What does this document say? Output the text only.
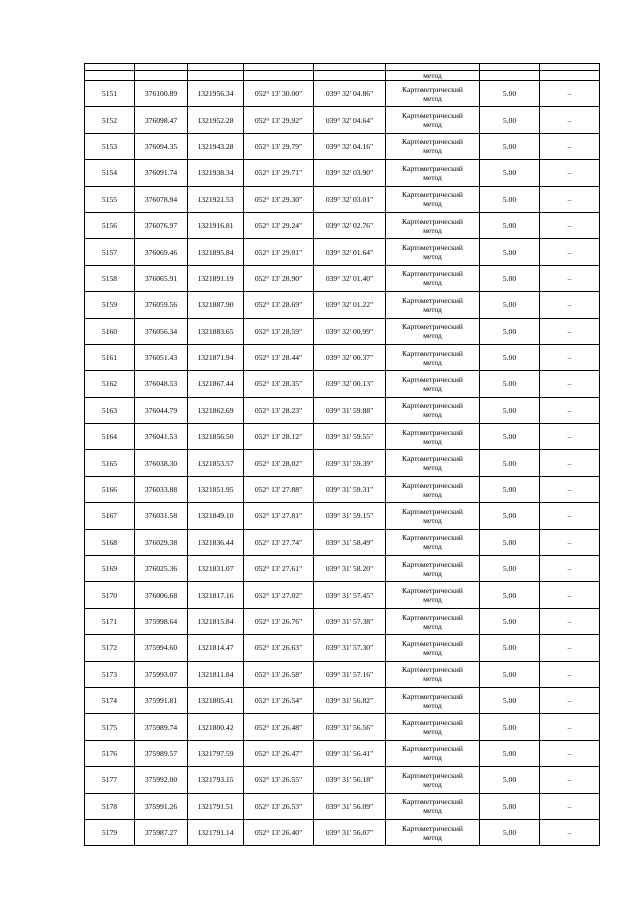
					метод		
5151	376100.89	1321956.34	052° 13' 30.00"	039° 32' 04.86"	Картометрический
метод	5.00	–
5152	376098.47	1321952.28	052° 13' 29.92"	039° 32' 04.64"	Картометрический
метод	5.00	–
5153	376094.35	1321943.28	052° 13' 29.79"	039° 32' 04.16"	Картометрический
метод	5.00	–
5154	376091.74	1321938.34	052° 13' 29.71"	039° 32' 03.90"	Картометрический
метод	5.00	–
5155	376078.94	1321921.53	052° 13' 29.30"	039° 32' 03.01"	Картометрический
метод	5.00	–
5156	376076.97	1321916.81	052° 13' 29.24"	039° 32' 02.76"	Картометрический
метод	5.00	–
5157	376069.46	1321895.84	052° 13' 29.01"	039° 32' 01.64"	Картометрический
метод	5.00	–
5158	376065.91	1321891.19	052° 13' 28.90"	039° 32' 01.40"	Картометрический
метод	5.00	–
5159	376059.56	1321887.90	052° 13' 28.69"	039° 32' 01.22"	Картометрический
метод	5.00	–
5160	376056.34	1321883.65	052° 13' 28.59"	039° 32' 00.99"	Картометрический
метод	5.00	–
5161	376051.43	1321871.94	052° 13' 28.44"	039° 32' 00.37"	Картометрический
метод	5.00	–
5162	376048.53	1321867.44	052° 13' 28.35"	039° 32' 00.13"	Картометрический
метод	5.00	–
5163	376044.79	1321862.69	052° 13' 28.23"	039° 31' 59.88"	Картометрический
метод	5.00	–
5164	376041.53	1321856.50	052° 13' 28.12"	039° 31' 59.55"	Картометрический
метод	5.00	–
5165	376038.30	1321853.57	052° 13' 28.02"	039° 31' 59.39"	Картометрический
метод	5.00	–
5166	376033.88	1321851.95	052° 13' 27.88"	039° 31' 59.31"	Картометрический
метод	5.00	–
5167	376031.58	1321849.10	052° 13' 27.81"	039° 31' 59.15"	Картометрический
метод	5.00	–
5168	376029.38	1321836.44	052° 13' 27.74"	039° 31' 58.49"	Картометрический
метод	5.00	–
5169	376025.36	1321831.07	052° 13' 27.61"	039° 31' 58.20"	Картометрический
метод	5.00	–
5170	376006.68	1321817.16	052° 13' 27.02"	039° 31' 57.45"	Картометрический
метод	5.00	–
5171	375998.64	1321815.84	052° 13' 26.76"	039° 31' 57.38"	Картометрический
метод	5.00	–
5172	375994.60	1321814.47	052° 13' 26.63"	039° 31' 57.30"	Картометрический
метод	5.00	–
5173	375993.07	1321811.84	052° 13' 26.58"	039° 31' 57.16"	Картометрический
метод	5.00	–
5174	375991.81	1321805.41	052° 13' 26.54"	039° 31' 56.82"	Картометрический
метод	5.00	–
5175	375989.74	1321800.42	052° 13' 26.48"	039° 31' 56.56"	Картометрический
метод	5.00	–
5176	375989.57	1321797.59	052° 13' 26.47"	039° 31' 56.41"	Картометрический
метод	5.00	–
5177	375992.00	1321793.15	052° 13' 26.55"	039° 31' 56.18"	Картометрический
метод	5.00	–
5178	375991.26	1321791.51	052° 13' 26.53"	039° 31' 56.09"	Картометрический
метод	5.00	–
5179	375987.27	1321791.14	052° 13' 26.40"	039° 31' 56.07"	Картометрический
метод	5.00	–
